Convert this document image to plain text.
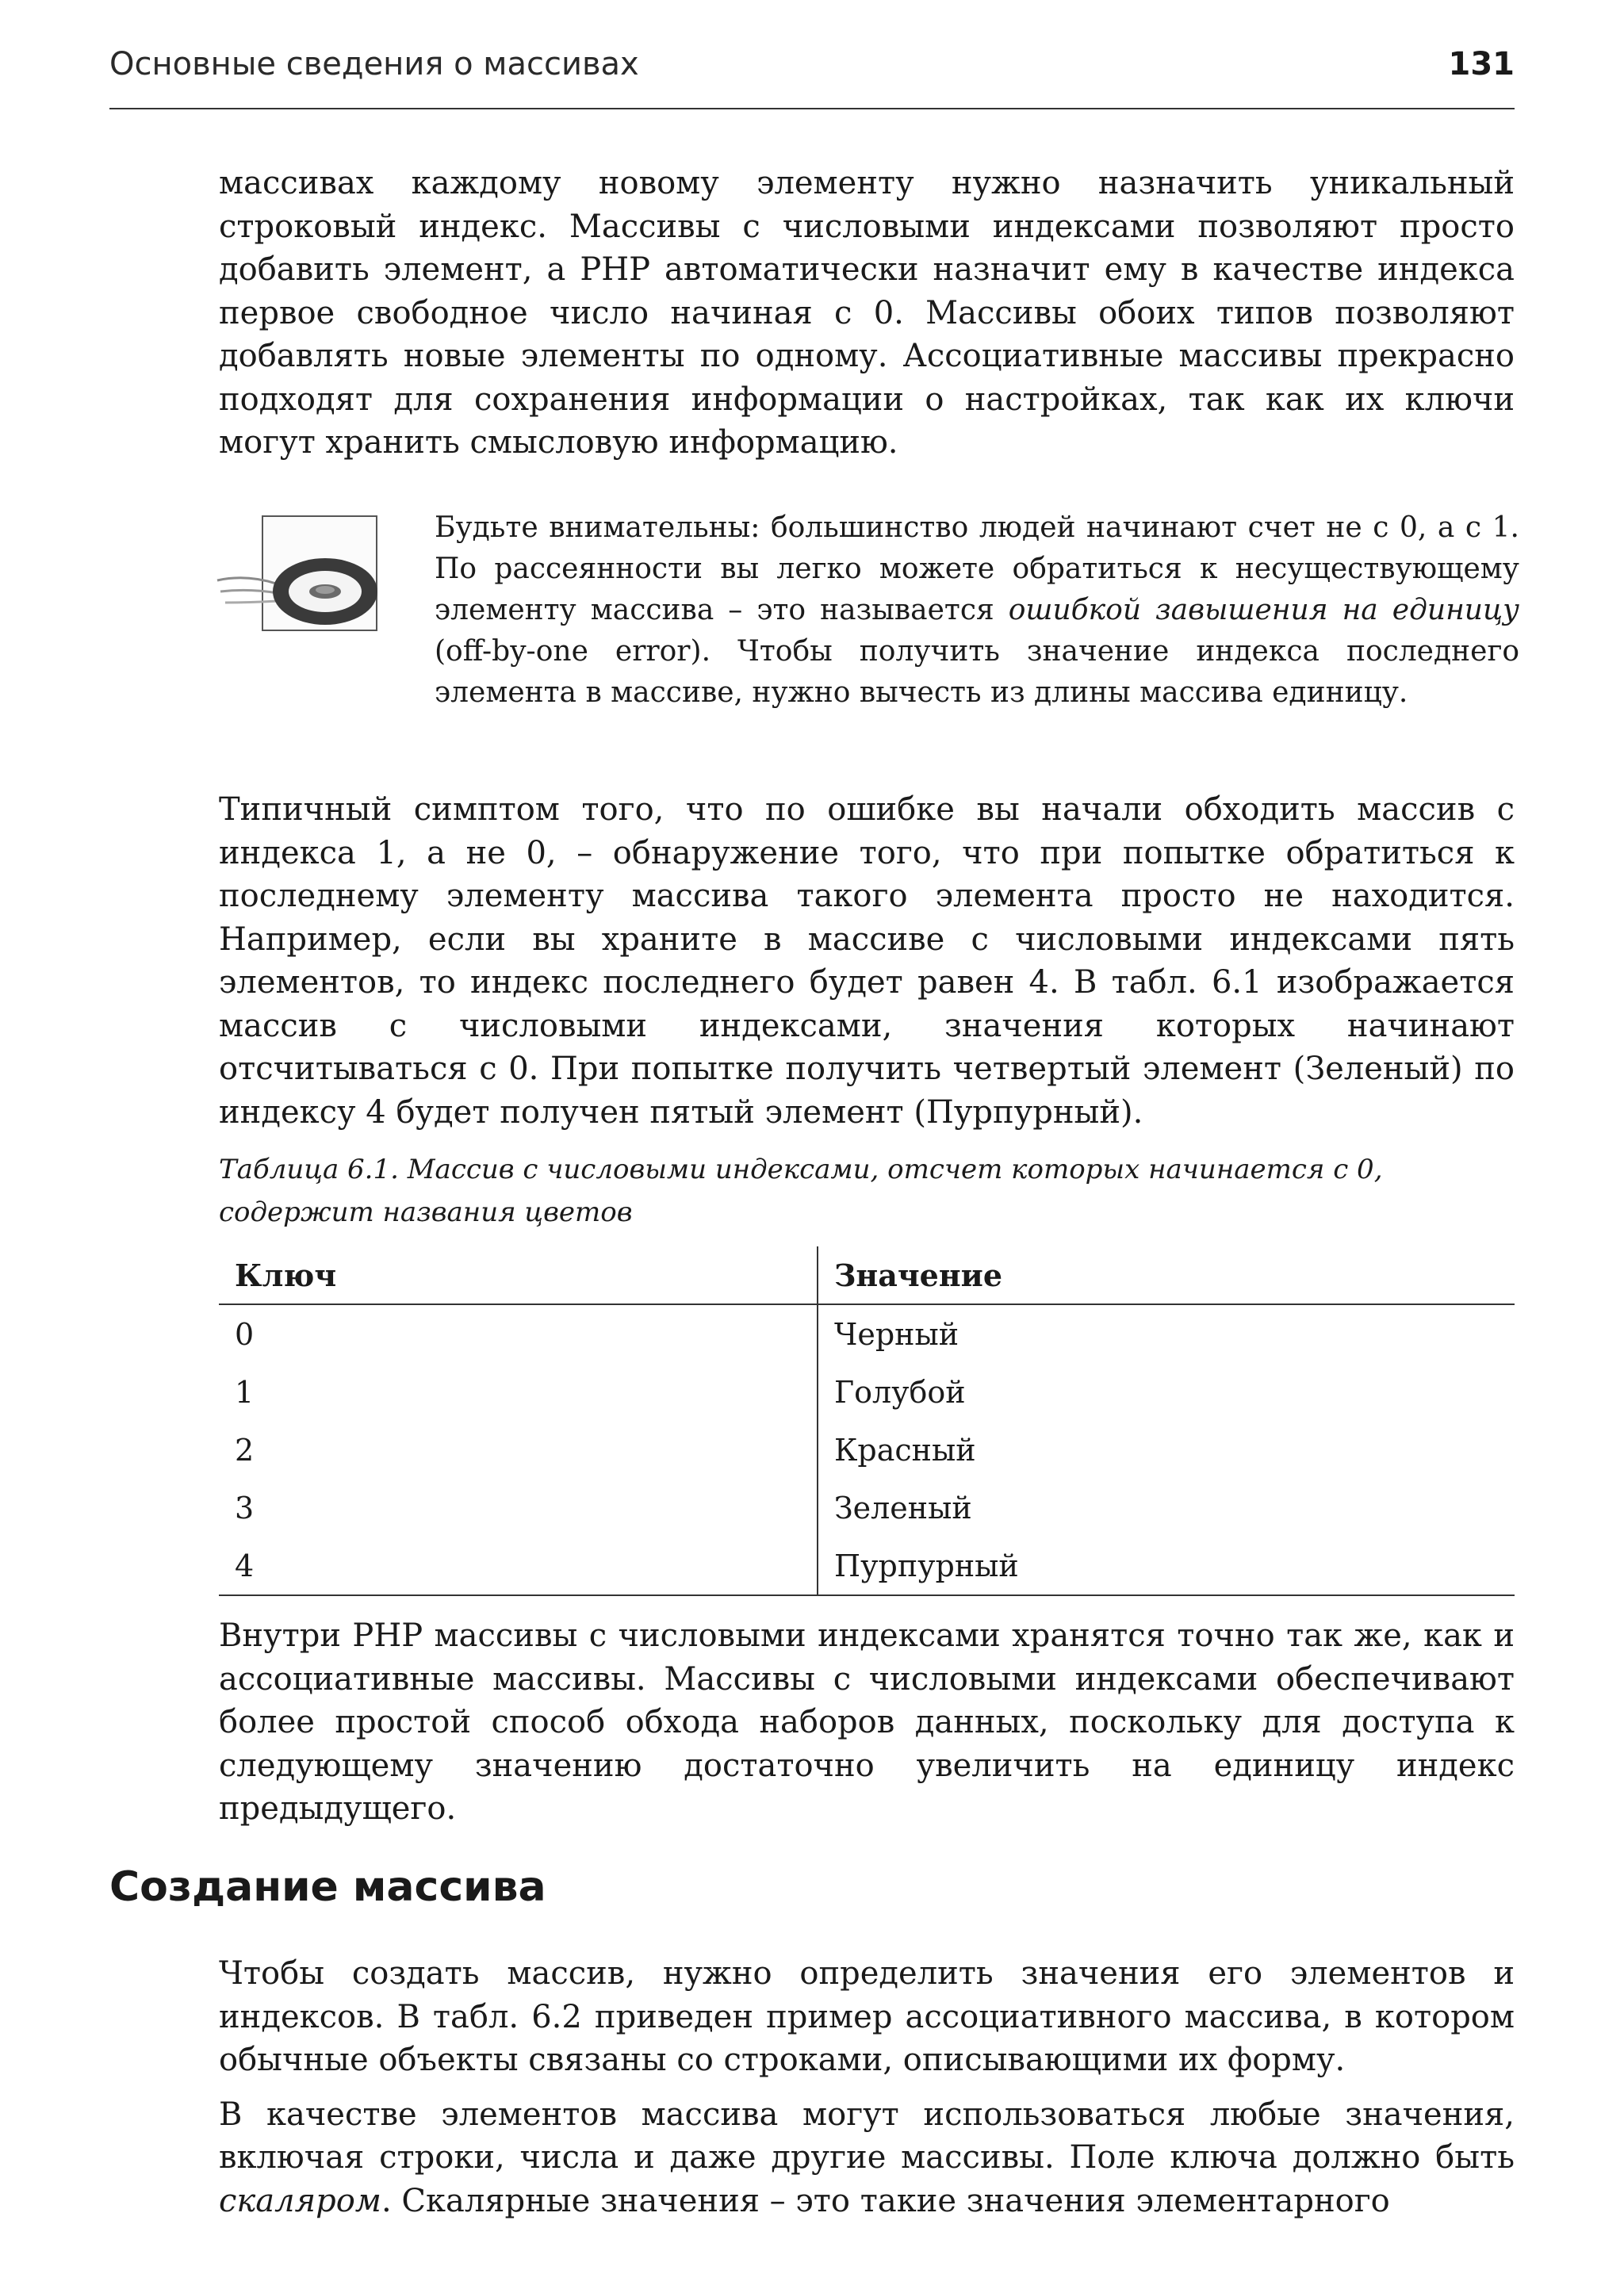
Основные сведения о массивах	131

массивах каждому новому элементу нужно назначить уникальный строковый индекс. Массивы с числовыми индексами позволяют просто добавить элемент, а PHP автоматически назначит ему в качестве индекса первое свободное число начиная с 0. Массивы обоих типов позволяют добавлять новые элементы по одному. Ассоциативные массивы прекрасно подходят для сохранения информации о настройках, так как их ключи могут хранить смысловую информацию.

Будьте внимательны: большинство людей начинают счет не с 0, а с 1. По рассеянности вы легко можете обратиться к несуществующему элементу массива – это называется ошибкой завышения на единицу (off-by-one error). Чтобы получить значение индекса последнего элемента в массиве, нужно вычесть из длины массива единицу.

Типичный симптом того, что по ошибке вы начали обходить массив с индекса 1, а не 0, – обнаружение того, что при попытке обратиться к последнему элементу массива такого элемента просто не находится. Например, если вы храните в массиве с числовыми индексами пять элементов, то индекс последнего будет равен 4. В табл. 6.1 изображается массив с числовыми индексами, значения которых начинают отсчитываться с 0. При попытке получить четвертый элемент (Зеленый) по индексу 4 будет получен пятый элемент (Пурпурный).

Таблица 6.1. Массив с числовыми индексами, отсчет которых начинается с 0, содержит названия цветов

Ключ	Значение
0	Черный
1	Голубой
2	Красный
3	Зеленый
4	Пурпурный

Внутри PHP массивы с числовыми индексами хранятся точно так же, как и ассоциативные массивы. Массивы с числовыми индексами обеспечивают более простой способ обхода наборов данных, поскольку для доступа к следующему значению достаточно увеличить на единицу индекс предыдущего.

Создание массива

Чтобы создать массив, нужно определить значения его элементов и индексов. В табл. 6.2 приведен пример ассоциативного массива, в котором обычные объекты связаны со строками, описывающими их форму.

В качестве элементов массива могут использоваться любые значения, включая строки, числа и даже другие массивы. Поле ключа должно быть скаляром. Скалярные значения – это такие значения элементарного
